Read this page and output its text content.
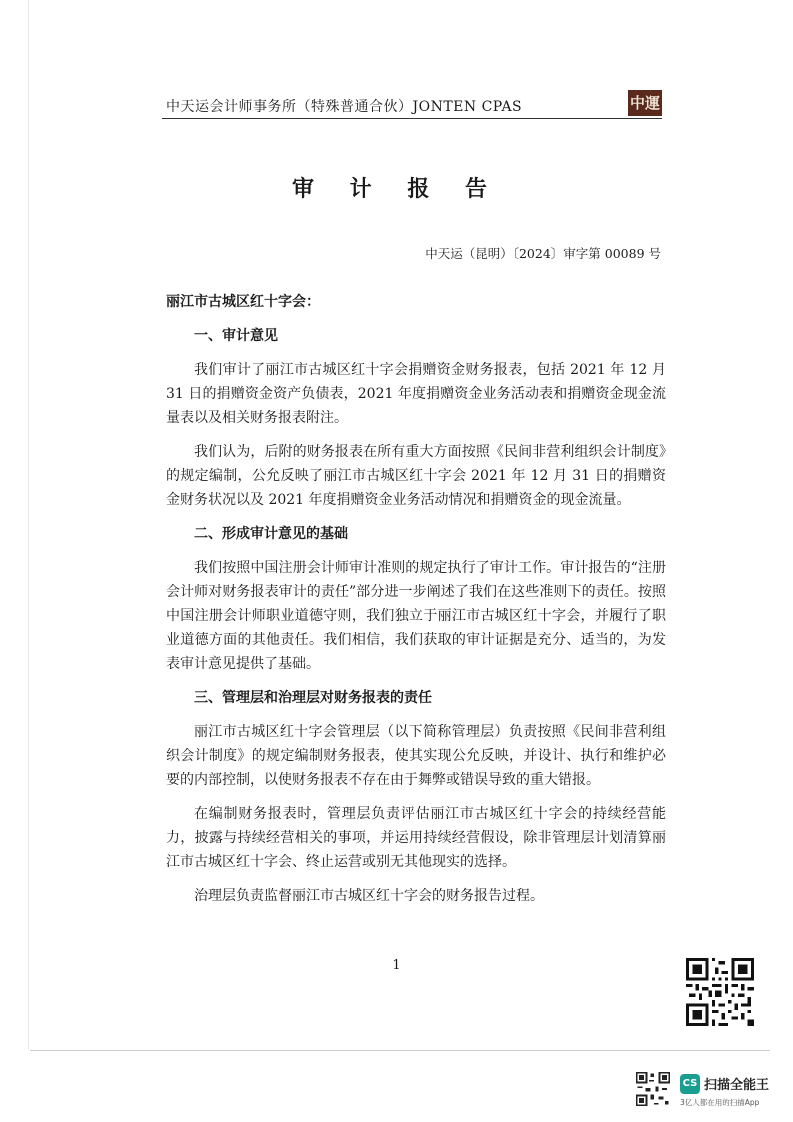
中天运会计师事务所（特殊普通合伙）JONTEN CPAS	中運
审 计 报 告
中天运（昆明）〔2024〕审字第 00089 号

丽江市古城区红十字会：

一、审计意见

我们审计了丽江市古城区红十字会捐赠资金财务报表，包括 2021 年 12 月 31 日的捐赠资金资产负债表，2021 年度捐赠资金业务活动表和捐赠资金现金流量表以及相关财务报表附注。

我们认为，后附的财务报表在所有重大方面按照《民间非营利组织会计制度》的规定编制，公允反映了丽江市古城区红十字会 2021 年 12 月 31 日的捐赠资金财务状况以及 2021 年度捐赠资金业务活动情况和捐赠资金的现金流量。

二、形成审计意见的基础

我们按照中国注册会计师审计准则的规定执行了审计工作。审计报告的“注册会计师对财务报表审计的责任”部分进一步阐述了我们在这些准则下的责任。按照中国注册会计师职业道德守则，我们独立于丽江市古城区红十字会，并履行了职业道德方面的其他责任。我们相信，我们获取的审计证据是充分、适当的，为发表审计意见提供了基础。

三、管理层和治理层对财务报表的责任

丽江市古城区红十字会管理层（以下简称管理层）负责按照《民间非营利组织会计制度》的规定编制财务报表，使其实现公允反映，并设计、执行和维护必要的内部控制，以使财务报表不存在由于舞弊或错误导致的重大错报。

在编制财务报表时，管理层负责评估丽江市古城区红十字会的持续经营能力，披露与持续经营相关的事项，并运用持续经营假设，除非管理层计划清算丽江市古城区红十字会、终止运营或别无其他现实的选择。

治理层负责监督丽江市古城区红十字会的财务报告过程。

1
CS 扫描全能王
3亿人都在用的扫描App
